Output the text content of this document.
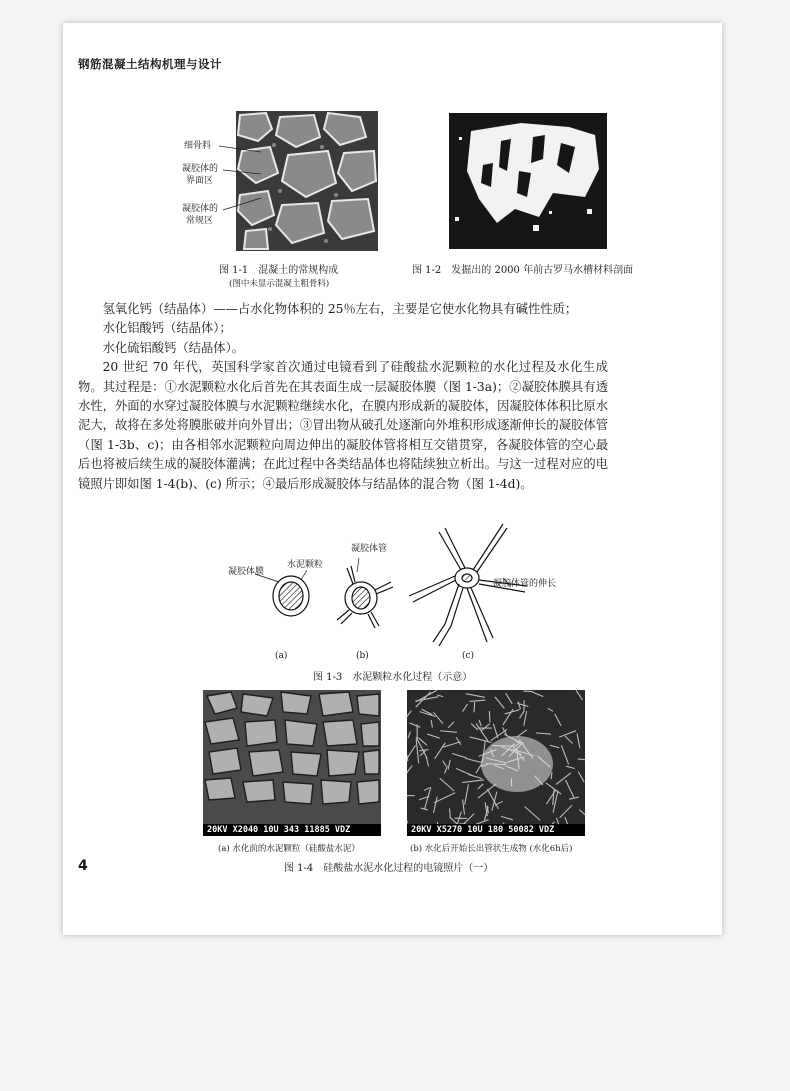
钢筋混凝土结构机理与设计
细骨料
凝胶体的
界面区
凝胶体的
常规区
图 1-1　混凝土的常规构成
(图中未显示混凝土粗骨料)
图 1-2　发掘出的 2000 年前古罗马水槽材料剖面

氢氧化钙（结晶体）——占水化物体积的 25％左右，主要是它使水化物具有碱性性质；

水化铝酸钙（结晶体）；

水化硫铝酸钙（结晶体）。

20 世纪 70 年代，英国科学家首次通过电镜看到了硅酸盐水泥颗粒的水化过程及水化生成物。其过程是：①水泥颗粒水化后首先在其表面生成一层凝胶体膜（图 1-3a)；②凝胶体膜具有透水性，外面的水穿过凝胶体膜与水泥颗粒继续水化，在膜内形成新的凝胶体，因凝胶体体积比原水泥大，故将在多处将膜胀破并向外冒出；③冒出物从破孔处逐渐向外堆积形成逐渐伸长的凝胶体管（图 1-3b、c)；由各相邻水泥颗粒向周边伸出的凝胶体管将相互交错贯穿，各凝胶体管的空心最后也将被后续生成的凝胶体灌满；在此过程中各类结晶体也将陆续独立析出。与这一过程对应的电镜照片即如图 1-4(b)、(c) 所示；④最后形成凝胶体与结晶体的混合物（图 1-4d)。

凝胶体膜
水泥颗粒
凝胶体管
凝胶体管的伸长
(a)	(b)	(c)
图 1-3　水泥颗粒水化过程（示意）
20KV X2040 10U 343 11885 VDZ	20KV X5270 10U 180 50082 VDZ
(a) 水化前的水泥颗粒（硅酸盐水泥）	(b) 水化后开始长出管状生成物 (水化6h后)
图 1-4　硅酸盐水泥水化过程的电镜照片（一）
4
